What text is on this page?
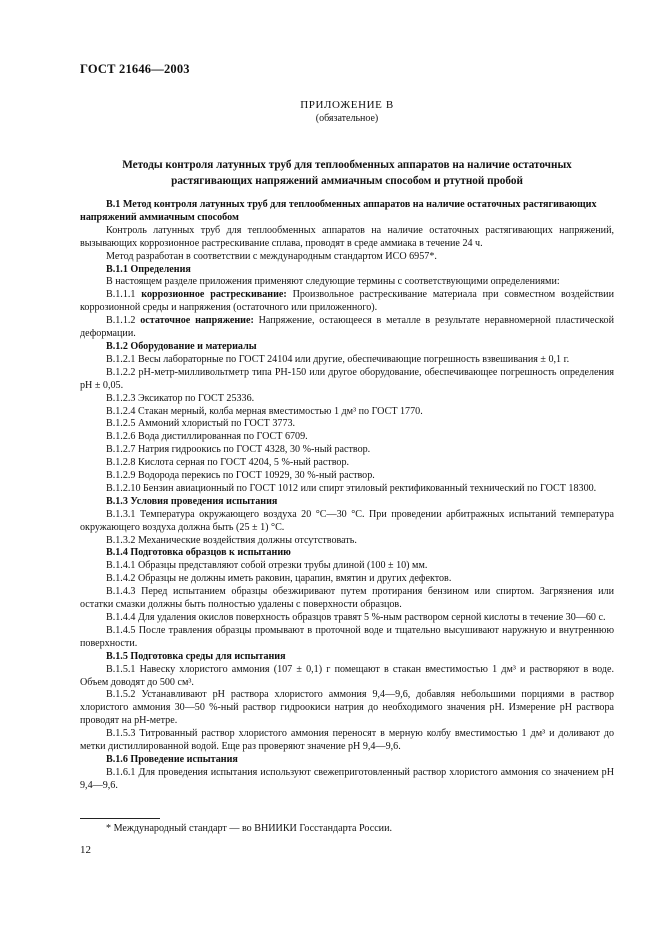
ГОСТ 21646—2003
ПРИЛОЖЕНИЕ В
(обязательное)
Методы контроля латунных труб для теплообменных аппаратов на наличие остаточных
растягивающих напряжений аммиачным способом и ртутной пробой

В.1 Метод контроля латунных труб для теплообменных аппаратов на наличие остаточных растягивающих напряжений аммиачным способом

Контроль латунных труб для теплообменных аппаратов на наличие остаточных растягивающих напряжений, вызывающих коррозионное растрескивание сплава, проводят в среде аммиака в течение 24 ч.

Метод разработан в соответствии с международным стандартом ИСО 6957*.

В.1.1 Определения

В настоящем разделе приложения применяют следующие термины с соответствующими определениями:

В.1.1.1 коррозионное растрескивание: Произвольное растрескивание материала при совместном воздействии коррозионной среды и напряжения (остаточного или приложенного).

В.1.1.2 остаточное напряжение: Напряжение, остающееся в металле в результате неравномерной пластической деформации.

В.1.2 Оборудование и материалы

В.1.2.1 Весы лабораторные по ГОСТ 24104 или другие, обеспечивающие погрешность взвешивания ± 0,1 г.

В.1.2.2 pH-метр-милливольтметр типа PH-150 или другое оборудование, обеспечивающее погрешность определения pH ± 0,05.

В.1.2.3 Эксикатор по ГОСТ 25336.

В.1.2.4 Стакан мерный, колба мерная вместимостью 1 дм³ по ГОСТ 1770.

В.1.2.5 Аммоний хлористый по ГОСТ 3773.

В.1.2.6 Вода дистиллированная по ГОСТ 6709.

В.1.2.7 Натрия гидроокись по ГОСТ 4328, 30 %-ный раствор.

В.1.2.8 Кислота серная по ГОСТ 4204, 5 %-ный раствор.

В.1.2.9 Водорода перекись по ГОСТ 10929, 30 %-ный раствор.

В.1.2.10 Бензин авиационный по ГОСТ 1012 или спирт этиловый ректификованный технический по ГОСТ 18300.

В.1.3 Условия проведения испытания

В.1.3.1 Температура окружающего воздуха 20 °С—30 °С. При проведении арбитражных испытаний температура окружающего воздуха должна быть (25 ± 1) °С.

В.1.3.2 Механические воздействия должны отсутствовать.

В.1.4 Подготовка образцов к испытанию

В.1.4.1 Образцы представляют собой отрезки трубы длиной (100 ± 10) мм.

В.1.4.2 Образцы не должны иметь раковин, царапин, вмятин и других дефектов.

В.1.4.3 Перед испытанием образцы обезжиривают путем протирания бензином или спиртом. Загрязнения или остатки смазки должны быть полностью удалены с поверхности образцов.

В.1.4.4 Для удаления окислов поверхность образцов травят 5 %-ным раствором серной кислоты в течение 30—60 с.

В.1.4.5 После травления образцы промывают в проточной воде и тщательно высушивают наружную и внутреннюю поверхности.

В.1.5 Подготовка среды для испытания

В.1.5.1 Навеску хлористого аммония (107 ± 0,1) г помещают в стакан вместимостью 1 дм³ и растворяют в воде. Объем доводят до 500 см³.

В.1.5.2 Устанавливают pH раствора хлористого аммония 9,4—9,6, добавляя небольшими порциями в раствор хлористого аммония 30—50 %-ный раствор гидроокиси натрия до необходимого значения pH. Измерение pH раствора проводят на pH-метре.

В.1.5.3 Титрованный раствор хлористого аммония переносят в мерную колбу вместимостью 1 дм³ и доливают до метки дистиллированной водой. Еще раз проверяют значение pH 9,4—9,6.

В.1.6 Проведение испытания

В.1.6.1 Для проведения испытания используют свежеприготовленный раствор хлористого аммония со значением pH 9,4—9,6.

* Международный стандарт — во ВНИИКИ Госстандарта России.
12
